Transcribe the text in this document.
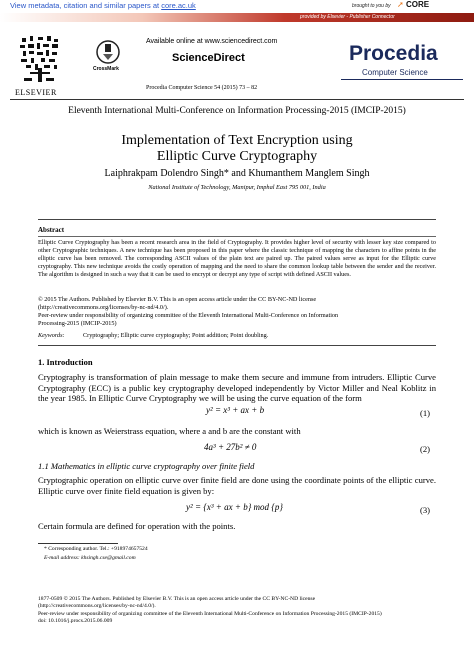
View metadata, citation and similar papers at core.ac.uk	brought to you by ➚ CORE
provided by Elsevier - Publisher Connector
ELSEVIER
CrossMark
Available online at www.sciencedirect.com
ScienceDirect
Procedia Computer Science 54 (2015) 73 – 82
Procedia
Computer Science
Eleventh International Multi-Conference on Information Processing-2015 (IMCIP-2015)
Implementation of Text Encryption using
Elliptic Curve Cryptography
Laiphrakpam Dolendro Singh* and Khumanthem Manglem Singh
National Institute of Technology, Manipur, Imphal East 795 001, India
Abstract
Elliptic Curve Cryptography has been a recent research area in the field of Cryptography. It provides higher level of security with lesser key size compared to other Cryptographic techniques. A new technique has been proposed in this paper where the classic technique of mapping the characters to affine points in the elliptic curve has been removed. The corresponding ASCII values of the plain text are paired up. The paired values serve as input for the Elliptic curve cryptography. This new technique avoids the costly operation of mapping and the need to share the common lookup table between the sender and the receiver. The algorithm is designed in such a way that it can be used to encrypt or decrypt any type of script with defined ASCII values.
© 2015 The Authors. Published by Elsevier B.V. This is an open access article under the CC BY-NC-ND license (http://creativecommons.org/licenses/by-nc-nd/4.0/).
Peer-review under responsibility of organizing committee of the Eleventh International Multi-Conference on Information Processing-2015 (IMCIP-2015)
Keywords:	Cryptography; Elliptic curve cryptography; Point addition; Point doubling.
1. Introduction
Cryptography is transformation of plain message to make them secure and immune from intruders. Elliptic Curve Cryptography (ECC) is a public key cryptography developed independently by Victor Miller and Neal Koblitz in the year 1985. In Elliptic Curve Cryptography we will be using the curve equation of the form
y² = x³ + ax + b	(1)
which is known as Weierstrass equation, where a and b are the constant with
4a³ + 27b² ≠ 0	(2)
1.1 Mathematics in elliptic curve cryptography over finite field
Cryptographic operation on elliptic curve over finite field are done using the coordinate points of the elliptic curve. Elliptic curve over finite field equation is given by:
y² = {x³ + ax + b} mod {p}	(3)
Certain formula are defined for operation with the points.
* Corresponding author. Tel.: +918974657524
E-mail address: khsingh.cse@gmail.com
1877-0509 © 2015 The Authors. Published by Elsevier B.V. This is an open access article under the CC BY-NC-ND license
(http://creativecommons.org/licenses/by-nc-nd/4.0/).
Peer-review under responsibility of organizing committee of the Eleventh International Multi-Conference on Information Processing-2015 (IMCIP-2015)
doi: 10.1016/j.procs.2015.06.009
